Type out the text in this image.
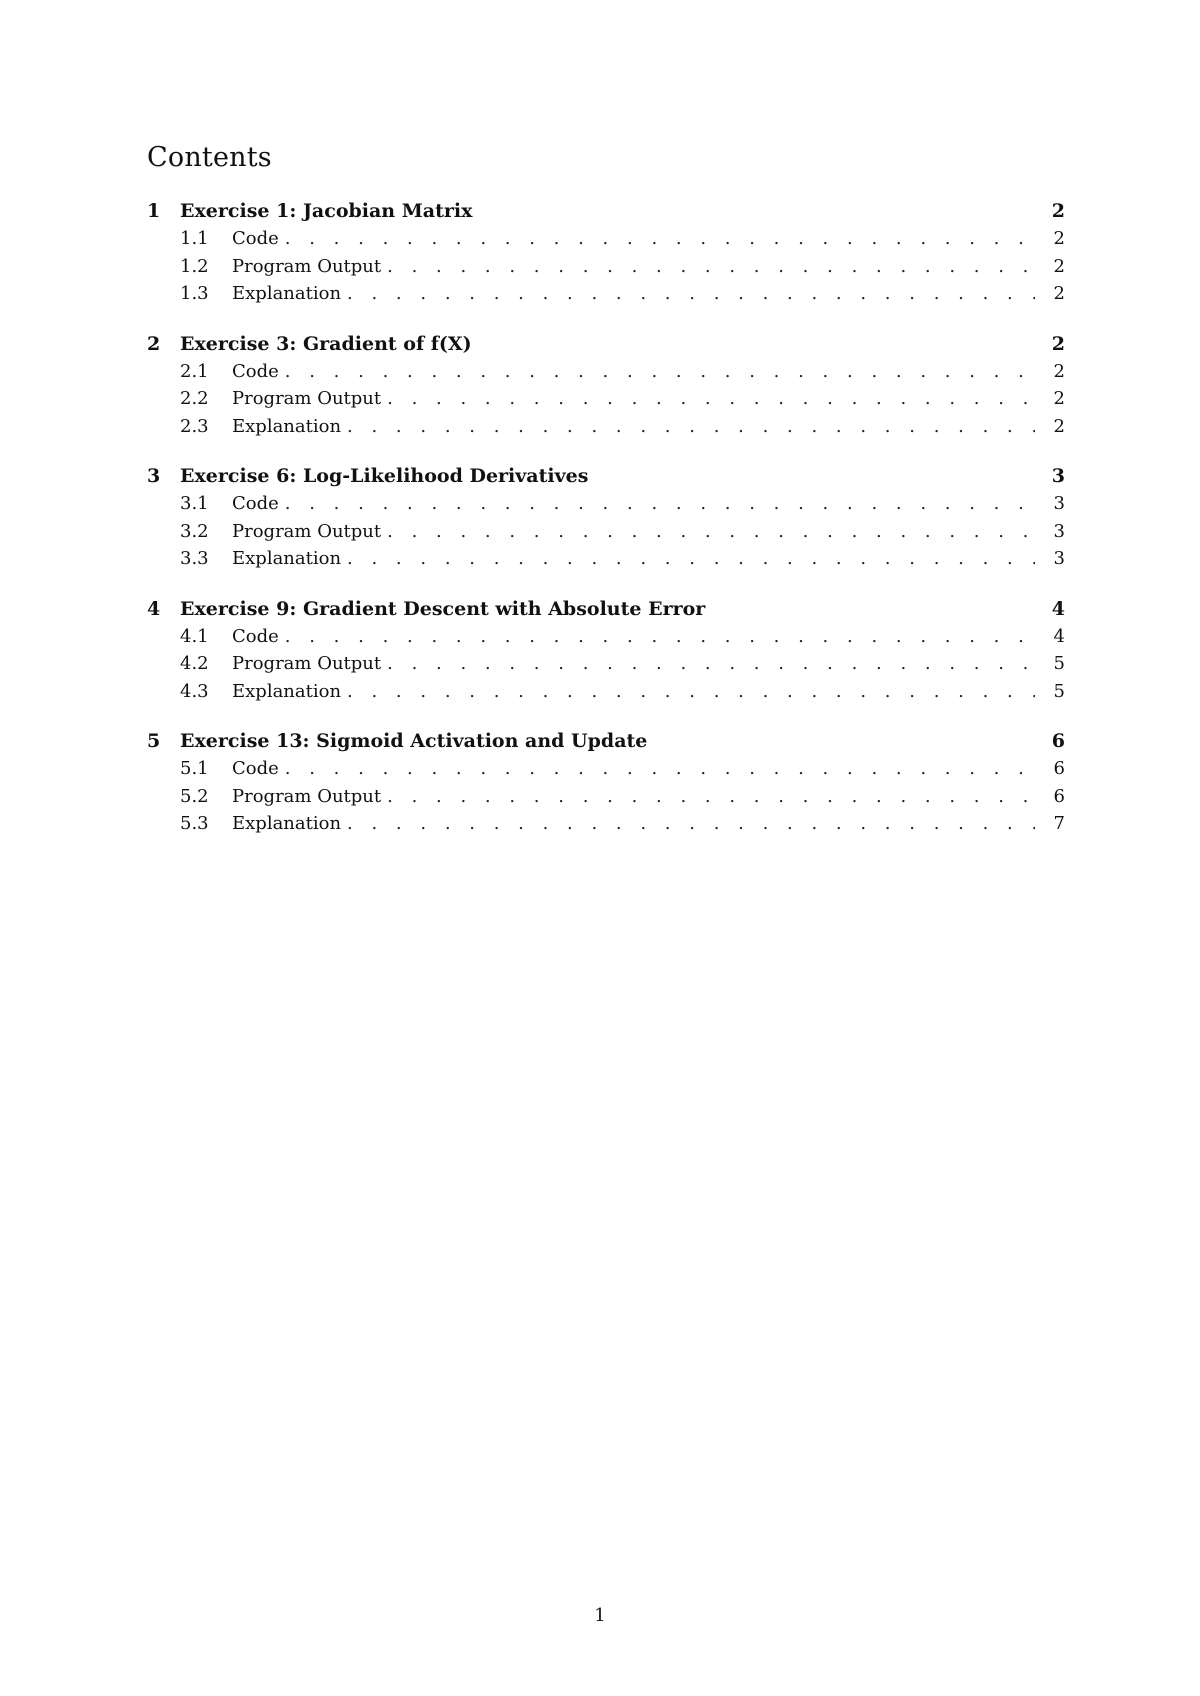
Contents
1	Exercise 1: Jacobian Matrix	2
1.1	Code . . .	2
1.2	Program Output . . .	2
1.3	Explanation . . .	2
2	Exercise 3: Gradient of f(X)	2
2.1	Code . . .	2
2.2	Program Output . . .	2
2.3	Explanation . . .	2
3	Exercise 6: Log-Likelihood Derivatives	3
3.1	Code . . .	3
3.2	Program Output . . .	3
3.3	Explanation . . .	3
4	Exercise 9: Gradient Descent with Absolute Error	4
4.1	Code . . .	4
4.2	Program Output . . .	5
4.3	Explanation . . .	5
5	Exercise 13: Sigmoid Activation and Update	6
5.1	Code . . .	6
5.2	Program Output . . .	6
5.3	Explanation . . .	7
1
